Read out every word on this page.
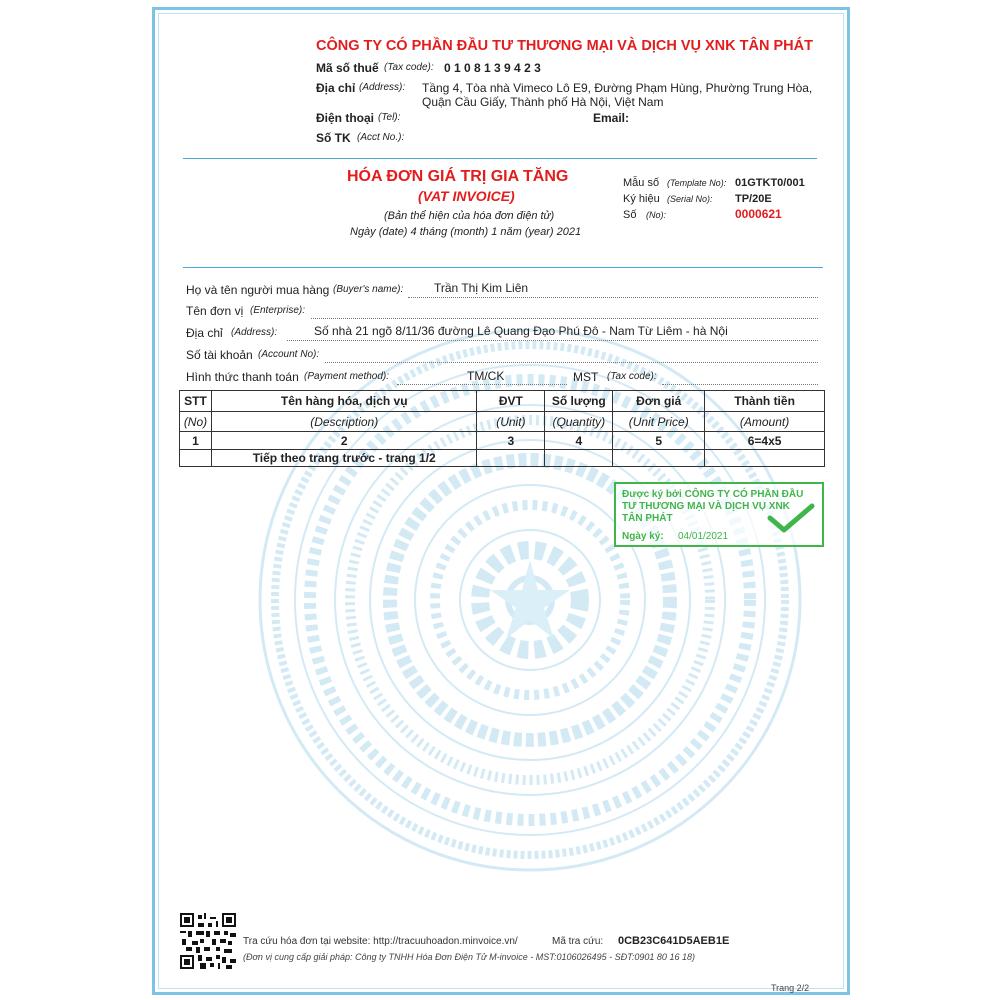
CÔNG TY CÓ PHẦN ĐẦU TƯ THƯƠNG MẠI VÀ DỊCH VỤ XNK TÂN PHÁT
Mã số thuế (Tax code): 0 1 0 8 1 3 9 4 2 3
Địa chỉ (Address): Tầng 4, Tòa nhà Vimeco Lô E9, Đường Phạm Hùng, Phường Trung Hòa,
Quận Cầu Giấy, Thành phố Hà Nội, Việt Nam
Điện thoại (Tel):	Email:
Số TK (Acct No.):
HÓA ĐƠN GIÁ TRỊ GIA TĂNG
(VAT INVOICE)
(Bản thể hiện của hóa đơn điện tử)
Ngày (date) 4 tháng (month) 1 năm (year) 2021
Mẫu số (Template No): 01GTKT0/001
Ký hiệu (Serial No): TP/20E
Số (No):	0000621
Họ và tên người mua hàng (Buyer's name):	Trần Thị Kim Liên
Tên đơn vị (Enterprise):
Địa chỉ (Address):	Số nhà 21 ngõ 8/11/36 đường Lê Quang Đạo Phú Đô - Nam Từ Liêm - hà Nội
Số tài khoản (Account No):
Hình thức thanh toán (Payment method):	TM/CK	MST (Tax code):
STT	Tên hàng hóa, dịch vụ	ĐVT	Số lượng	Đơn giá	Thành tiền
(No)	(Description)	(Unit)	(Quantity)	(Unit Price)	(Amount)
1	2	3	4	5	6=4x5
	Tiếp theo trang trước - trang 1/2				
Được ký bởi CÔNG TY CÓ PHẦN ĐẦU
TƯ THƯƠNG MẠI VÀ DỊCH VỤ XNK
TÂN PHÁT
Ngày ký: 04/01/2021
Tra cứu hóa đơn tại website: http://tracuuhoadon.minvoice.vn/	Mã tra cứu: 0CB23C641D5AEB1E
(Đơn vị cung cấp giải pháp: Công ty TNHH Hóa Đơn Điện Tử M-invoice - MST:0106026495 - SĐT:0901 80 16 18)
Trang 2/2
